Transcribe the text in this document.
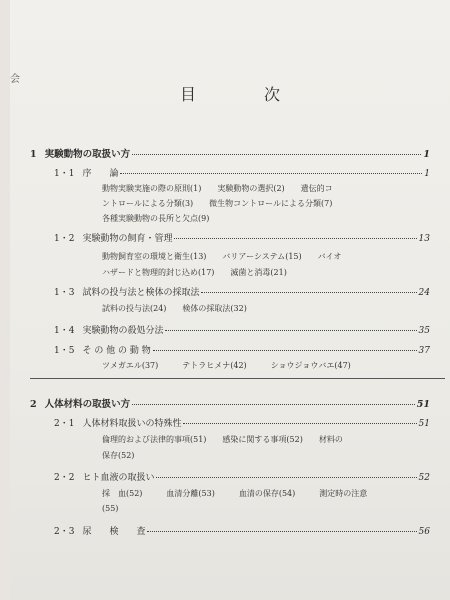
会
目　次
1 実験動物の取扱い方	1
1・1 序　　論	1
動物実験実施の際の原則(1)　　実験動物の選択(2)　　遺伝的コ
ントロールによる分類(3)　　微生物コントロールによる分類(7)
各種実験動物の長所と欠点(9)
1・2 実験動物の飼育・管理	13
動物飼育室の環境と衛生(13)　　バリアーシステム(15)　　バイオ
ハザードと物理的封じ込め(17)　　滅菌と消毒(21)
1・3 試料の投与法と検体の採取法	24
試料の投与法(24)　　検体の採取法(32)
1・4 実験動物の殺処分法	35
1・5 そ の 他 の 動 物	37
ツメガエル(37)　　　テトラヒメナ(42)　　　ショウジョウバエ(47)
2 人体材料の取扱い方	51
2・1 人体材料取扱いの特殊性	51
倫理的および法律的事項(51)　　感染に関する事項(52)　　材料の
保存(52)
2・2 ヒト血液の取扱い	52
採　血(52)　　　血清分離(53)　　　血清の保存(54)　　　測定時の注意
(55)
2・3 尿　　検　　査	56
